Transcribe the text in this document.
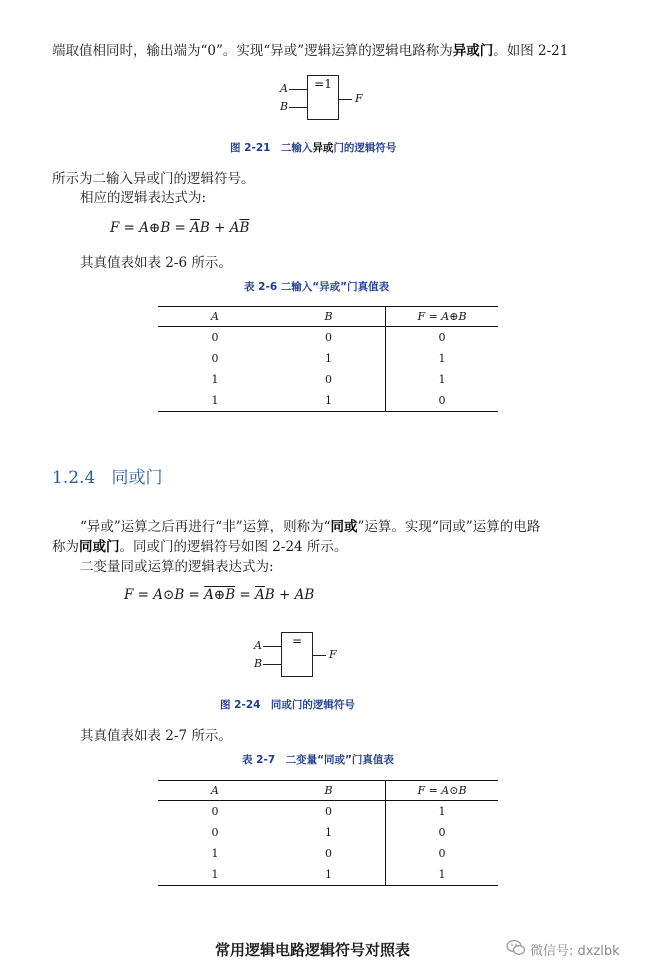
端取值相同时，输出端为“0”。实现“异或”逻辑运算的逻辑电路称为异或门。如图 2-21
=1
A
B
F
图 2-21　二输入异或门的逻辑符号
所示为二输入异或门的逻辑符号。
相应的逻辑表达式为:
F = A⊕B = $\overline{A}B + A\overline{B}$
其真值表如表 2-6 所示。
表 2-6 二输入“异或”门真值表
A	B	F = A⊕B
0	0	0
0	1	1
1	0	1
1	1	0
1.2.4 同或门
“异或”运算之后再进行“非”运算，则称为“同或”运算。实现“同或”运算的电路
称为同或门。同或门的逻辑符号如图 2-24 所示。
二变量同或运算的逻辑表达式为:
F = A⊙B = A⊕B = $\overline{A}B$ + AB
=
A
B
F
图 2-24　同或门的逻辑符号
其真值表如表 2-7 所示。
表 2-7　二变量“同或”门真值表
A	B	F = A⊙B
0	0	1
0	1	0
1	0	0
1	1	1
常用逻辑电路逻辑符号对照表	微信号: dxzlbk
